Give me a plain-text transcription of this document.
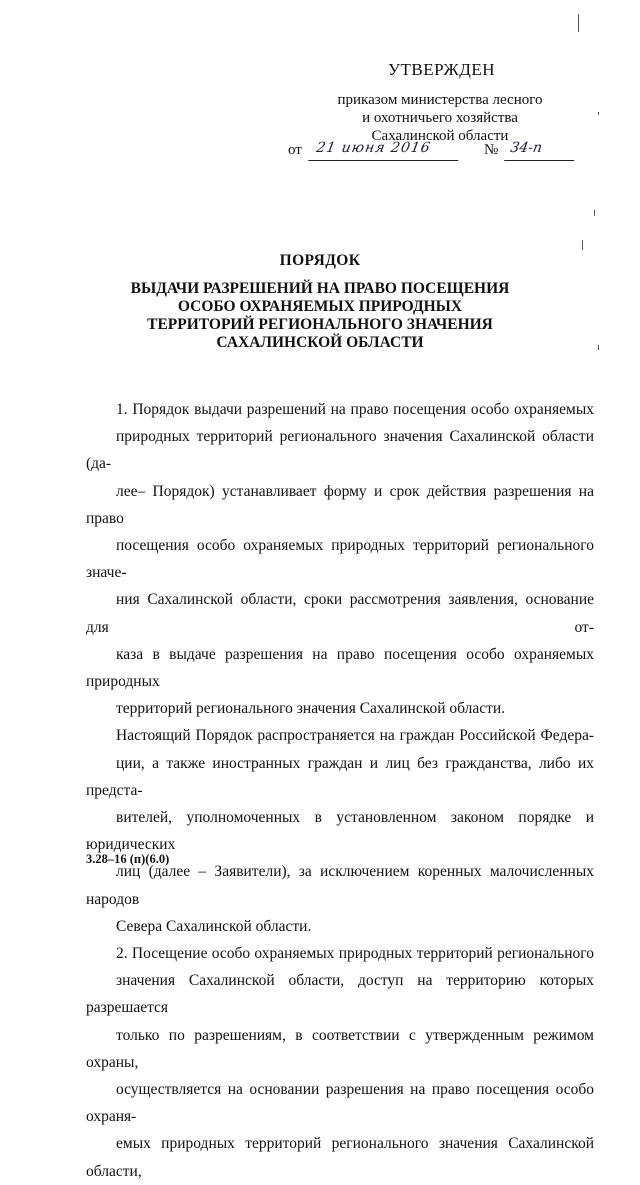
УТВЕРЖДЕН
приказом министерства лесного
и охотничьего хозяйства
Сахалинской области
от 21 июня 2016	№ 34-п
ПОРЯДОК
ВЫДАЧИ РАЗРЕШЕНИЙ НА ПРАВО ПОСЕЩЕНИЯ
ОСОБО ОХРАНЯЕМЫХ ПРИРОДНЫХ
ТЕРРИТОРИЙ РЕГИОНАЛЬНОГО ЗНАЧЕНИЯ
САХАЛИНСКОЙ ОБЛАСТИ

1. Порядок выдачи разрешений на право посещения особо охраняемых
природных территорий регионального значения Сахалинской области (да-
лее– Порядок) устанавливает форму и срок действия разрешения на право
посещения особо охраняемых природных территорий регионального значе-
ния Сахалинской области, сроки рассмотрения заявления, основание для от-
каза в выдаче разрешения на право посещения особо охраняемых природных
территорий регионального значения Сахалинской области.

Настоящий Порядок распространяется на граждан Российской Федера-
ции, а также иностранных граждан и лиц без гражданства, либо их предста-
вителей, уполномоченных в установленном законом порядке и юридических
лиц (далее – Заявители), за исключением коренных малочисленных народов
Севера Сахалинской области.

2. Посещение особо охраняемых природных территорий регионального
значения Сахалинской области, доступ на территорию которых разрешается
только по разрешениям, в соответствии с утвержденным режимом охраны,
осуществляется на основании разрешения на право посещения особо охраня-
емых природных территорий регионального значения Сахалинской области,

3.28–16 (п)(6.0)
